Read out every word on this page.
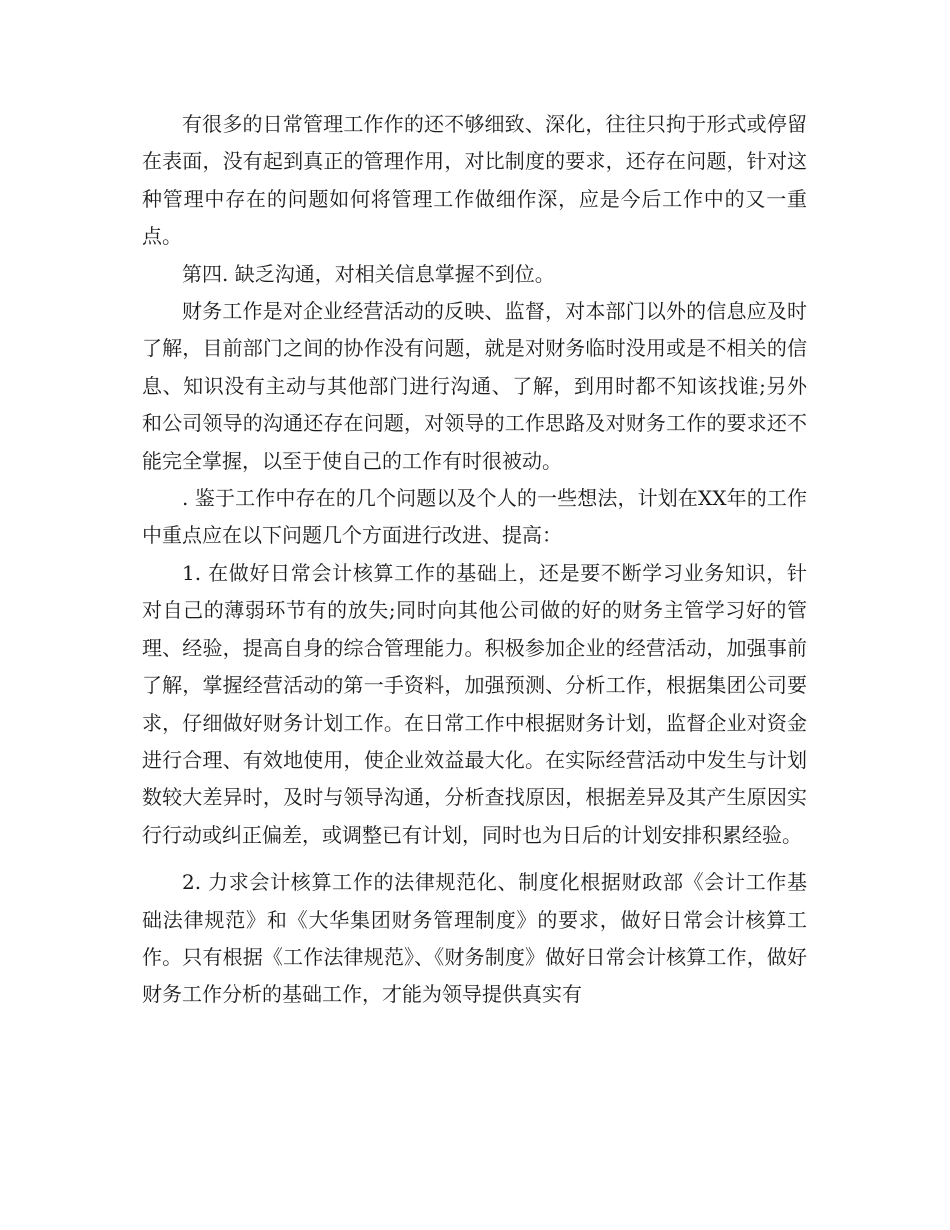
有很多的日常管理工作作的还不够细致、深化，往往只拘于形式或停留在表面，没有起到真正的管理作用，对比制度的要求，还存在问题，针对这种管理中存在的问题如何将管理工作做细作深，应是今后工作中的又一重点。

第四. 缺乏沟通，对相关信息掌握不到位。

财务工作是对企业经营活动的反映、监督，对本部门以外的信息应及时了解，目前部门之间的协作没有问题，就是对财务临时没用或是不相关的信息、知识没有主动与其他部门进行沟通、了解，到用时都不知该找谁;另外和公司领导的沟通还存在问题，对领导的工作思路及对财务工作的要求还不能完全掌握，以至于使自己的工作有时很被动。

. 鉴于工作中存在的几个问题以及个人的一些想法，计划在XX年的工作中重点应在以下问题几个方面进行改进、提高：

1. 在做好日常会计核算工作的基础上，还是要不断学习业务知识，针对自己的薄弱环节有的放失;同时向其他公司做的好的财务主管学习好的管理、经验，提高自身的综合管理能力。积极参加企业的经营活动，加强事前了解，掌握经营活动的第一手资料，加强预测、分析工作，根据集团公司要求，仔细做好财务计划工作。在日常工作中根据财务计划，监督企业对资金进行合理、有效地使用，使企业效益最大化。在实际经营活动中发生与计划数较大差异时，及时与领导沟通，分析查找原因，根据差异及其产生原因实行行动或纠正偏差，或调整已有计划，同时也为日后的计划安排积累经验。

2. 力求会计核算工作的法律规范化、制度化根据财政部《会计工作基础法律规范》和《大华集团财务管理制度》的要求，做好日常会计核算工作。只有根据《工作法律规范》、《财务制度》做好日常会计核算工作，做好财务工作分析的基础工作，才能为领导提供真实有
